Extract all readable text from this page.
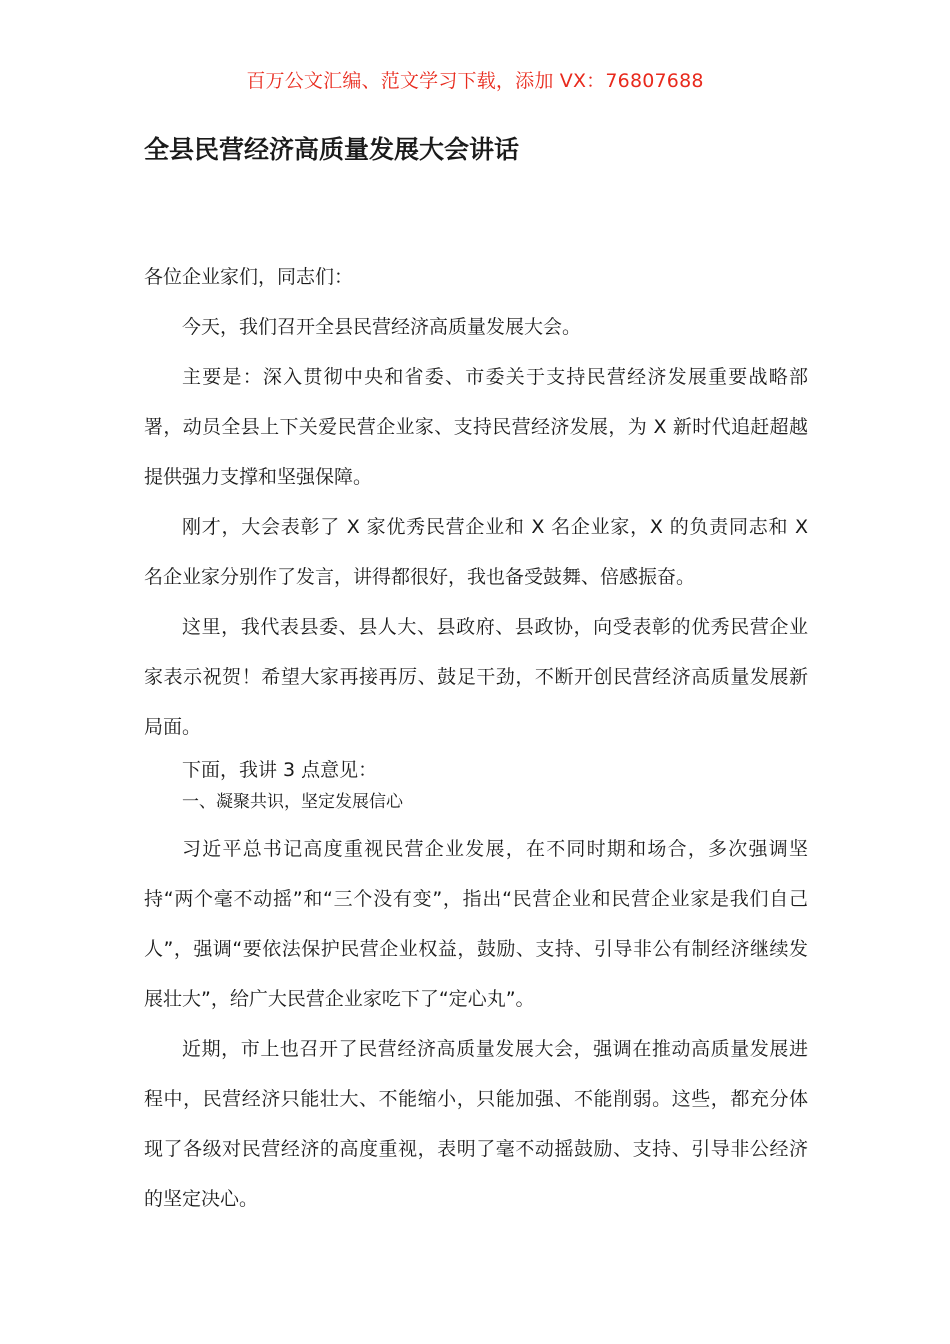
百万公文汇编、范文学习下载，添加 VX：76807688
全县民营经济高质量发展大会讲话

各位企业家们，同志们：

今天，我们召开全县民营经济高质量发展大会。

主要是：深入贯彻中央和省委、市委关于支持民营经济发展重要战略部署，动员全县上下关爱民营企业家、支持民营经济发展，为 X 新时代追赶超越提供强力支撑和坚强保障。

刚才，大会表彰了 X 家优秀民营企业和 X 名企业家，X 的负责同志和 X 名企业家分别作了发言，讲得都很好，我也备受鼓舞、倍感振奋。

这里，我代表县委、县人大、县政府、县政协，向受表彰的优秀民营企业家表示祝贺！希望大家再接再厉、鼓足干劲，不断开创民营经济高质量发展新局面。

下面，我讲 3 点意见：

一、凝聚共识，坚定发展信心

习近平总书记高度重视民营企业发展，在不同时期和场合，多次强调坚持“两个毫不动摇”和“三个没有变”，指出“民营企业和民营企业家是我们自己人”，强调“要依法保护民营企业权益，鼓励、支持、引导非公有制经济继续发展壮大”，给广大民营企业家吃下了“定心丸”。

近期，市上也召开了民营经济高质量发展大会，强调在推动高质量发展进程中，民营经济只能壮大、不能缩小，只能加强、不能削弱。这些，都充分体现了各级对民营经济的高度重视，表明了毫不动摇鼓励、支持、引导非公经济的坚定决心。
